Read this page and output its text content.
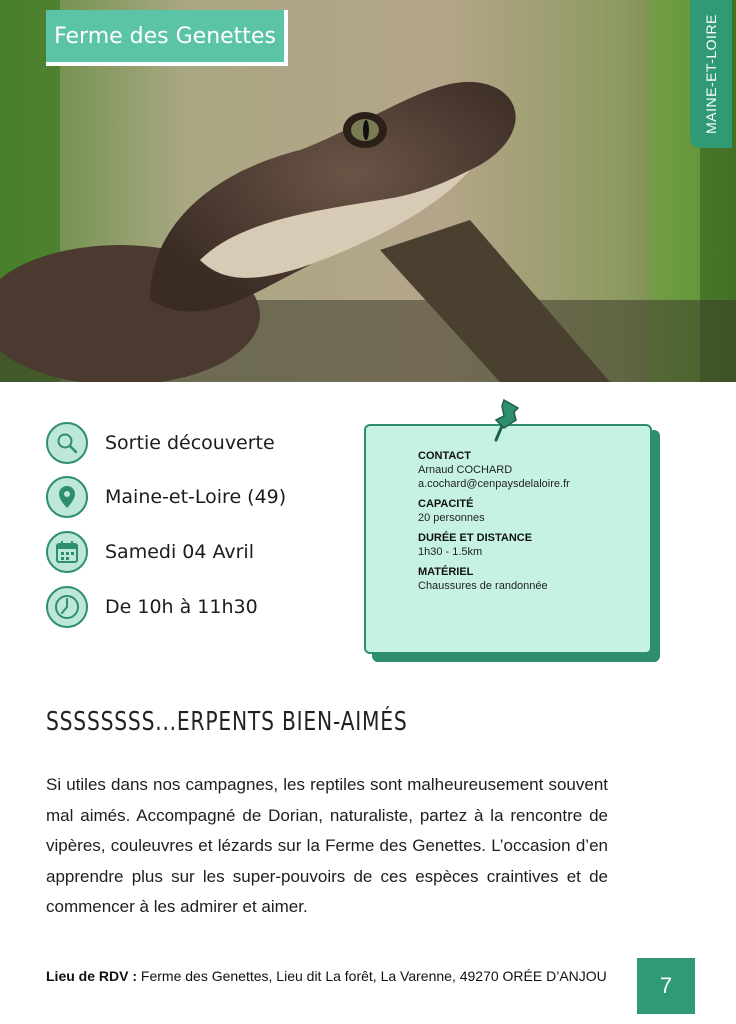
Ferme des Genettes	MAINE-ET-LOIRE
Sortie découverte
Maine-et-Loire (49)
Samedi 04 Avril
De 10h à 11h30
CONTACT
Arnaud COCHARD
a.cochard@cenpaysdelaloire.fr
CAPACITÉ
20 personnes
DURÉE ET DISTANCE
1h30 - 1.5km
MATÉRIEL
Chaussures de randonnée
SSSSSSSS...ERPENTS BIEN-AIMÉS

Si utiles dans nos campagnes, les reptiles sont malheureusement souvent mal aimés. Accompagné de Dorian, naturaliste, partez à la rencontre de vipères, couleuvres et lézards sur la Ferme des Genettes. L’occasion d’en apprendre plus sur les super-pouvoirs de ces espèces craintives et de commencer à les admirer et aimer.

Lieu de RDV : Ferme des Genettes, Lieu dit La forêt, La Varenne, 49270 ORÉE D’ANJOU	7
